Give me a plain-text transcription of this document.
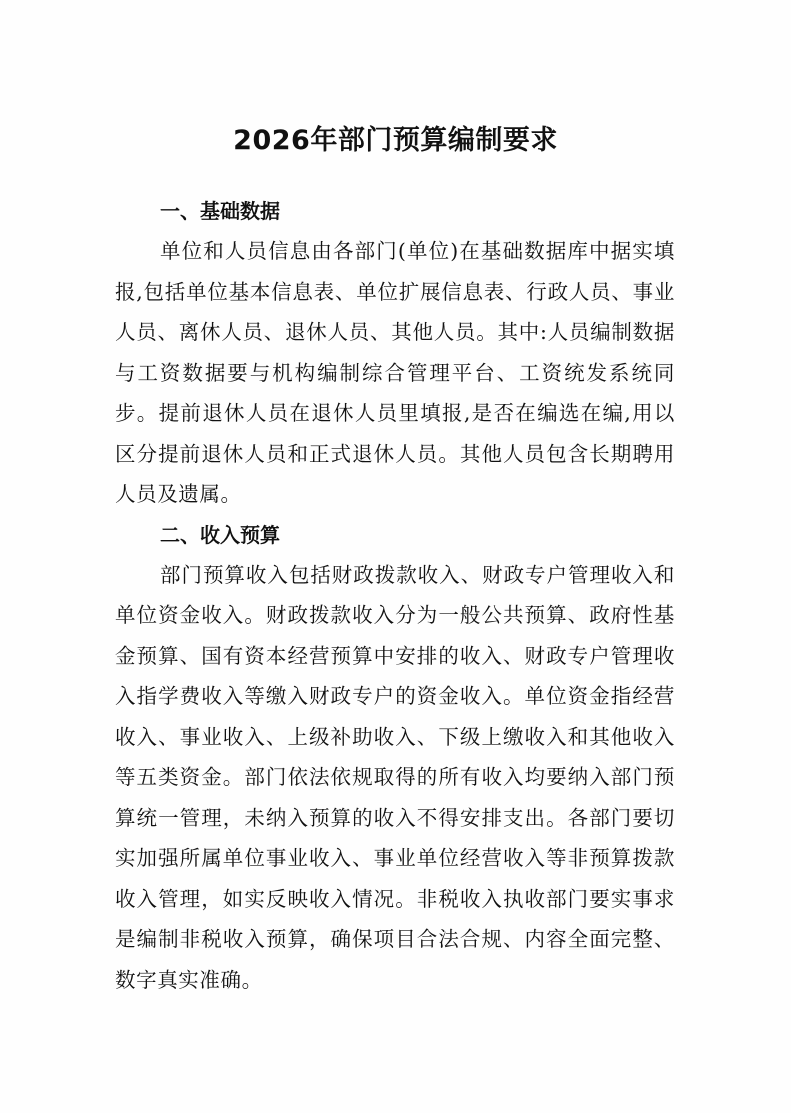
2026年部门预算编制要求
一、基础数据

单位和人员信息由各部门(单位)在基础数据库中据实填报,包括单位基本信息表、单位扩展信息表、行政人员、事业人员、离休人员、退休人员、其他人员。其中:人员编制数据与工资数据要与机构编制综合管理平台、工资统发系统同步。提前退休人员在退休人员里填报,是否在编选在编,用以区分提前退休人员和正式退休人员。其他人员包含长期聘用人员及遗属。

二、收入预算

部门预算收入包括财政拨款收入、财政专户管理收入和单位资金收入。财政拨款收入分为一般公共预算、政府性基金预算、国有资本经营预算中安排的收入、财政专户管理收入指学费收入等缴入财政专户的资金收入。单位资金指经营收入、事业收入、上级补助收入、下级上缴收入和其他收入等五类资金。部门依法依规取得的所有收入均要纳入部门预算统一管理，未纳入预算的收入不得安排支出。各部门要切实加强所属单位事业收入、事业单位经营收入等非预算拨款收入管理，如实反映收入情况。非税收入执收部门要实事求是编制非税收入预算，确保项目合法合规、内容全面完整、数字真实准确。
